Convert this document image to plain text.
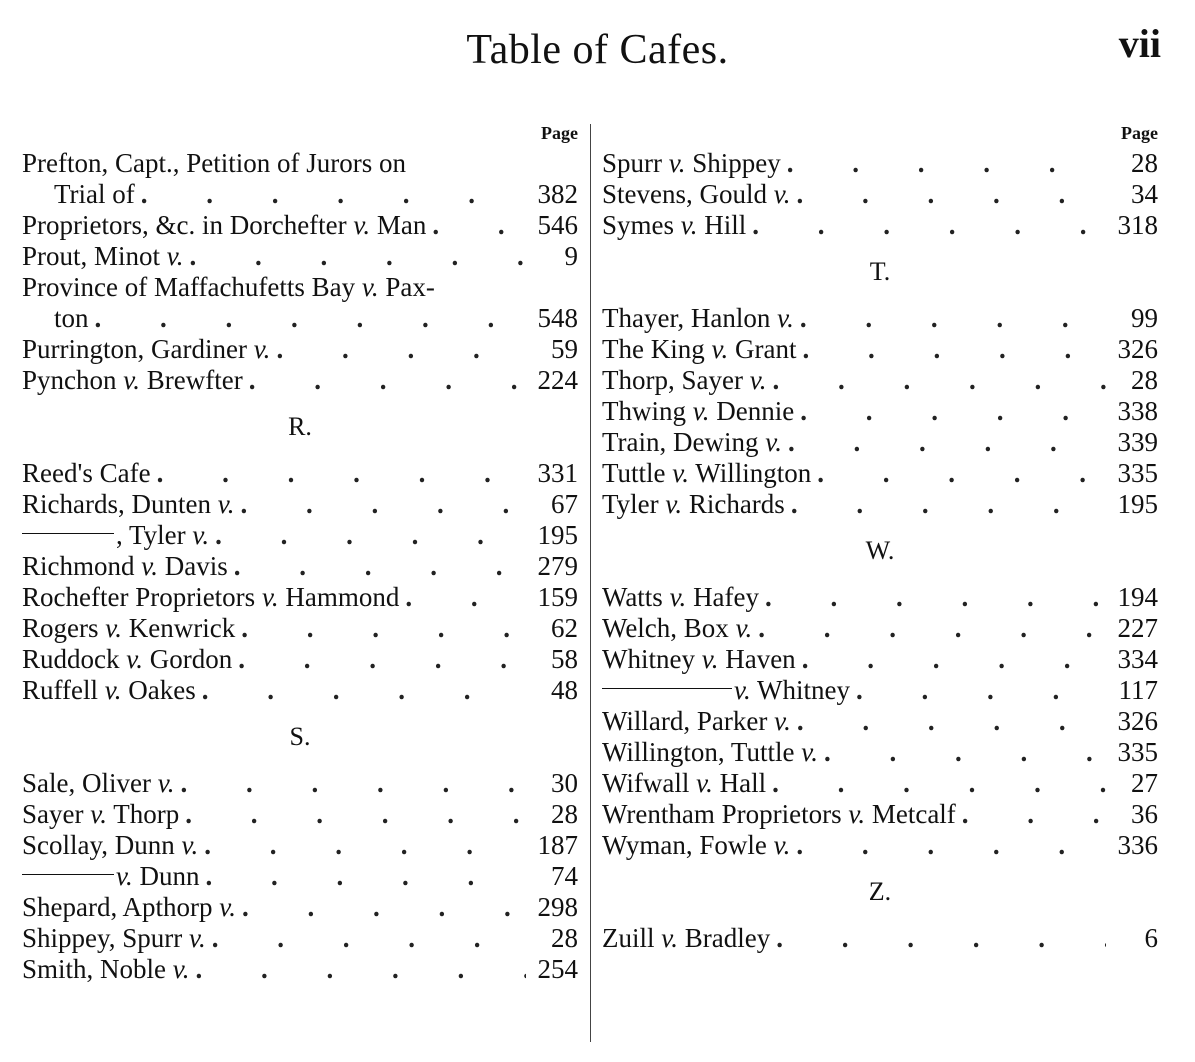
Table of Cafes.	vii
Page
Prefton, Capt., Petition of Jurors on
Trial of . . .	382
Proprietors, &c. in Dorchefter v. Man . . .	546
Prout, Minot v. . . .	9
Province of Maffachufetts Bay v. Pax-
ton . . .	548
Purrington, Gardiner v. . . .	59
Pynchon v. Brewfter . . .	224
R.
Reed's Cafe . . .	331
Richards, Dunten v. . . .	67
, Tyler v. . . .	195
Richmond v. Davis . . .	279
Rochefter Proprietors v. Hammond . . .	159
Rogers v. Kenwrick . . .	62
Ruddock v. Gordon . . .	58
Ruffell v. Oakes . . .	48
S.
Sale, Oliver v. . . .	30
Sayer v. Thorp . . .	28
Scollay, Dunn v. . . .	187
v. Dunn . . .	74
Shepard, Apthorp v. . . .	298
Shippey, Spurr v. . . .	28
Smith, Noble v. . . .	254
Page
Spurr v. Shippey . . .	28
Stevens, Gould v. . . .	34
Symes v. Hill . . .	318
T.
Thayer, Hanlon v. . . .	99
The King v. Grant . . .	326
Thorp, Sayer v. . . .	28
Thwing v. Dennie . . .	338
Train, Dewing v. . . .	339
Tuttle v. Willington . . .	335
Tyler v. Richards . . .	195
W.
Watts v. Hafey . . .	194
Welch, Box v. . . .	227
Whitney v. Haven . . .	334
v. Whitney . . .	117
Willard, Parker v. . . .	326
Willington, Tuttle v. . . .	335
Wifwall v. Hall . . .	27
Wrentham Proprietors v. Metcalf . . .	36
Wyman, Fowle v. . . .	336
Z.
Zuill v. Bradley . . .	6
